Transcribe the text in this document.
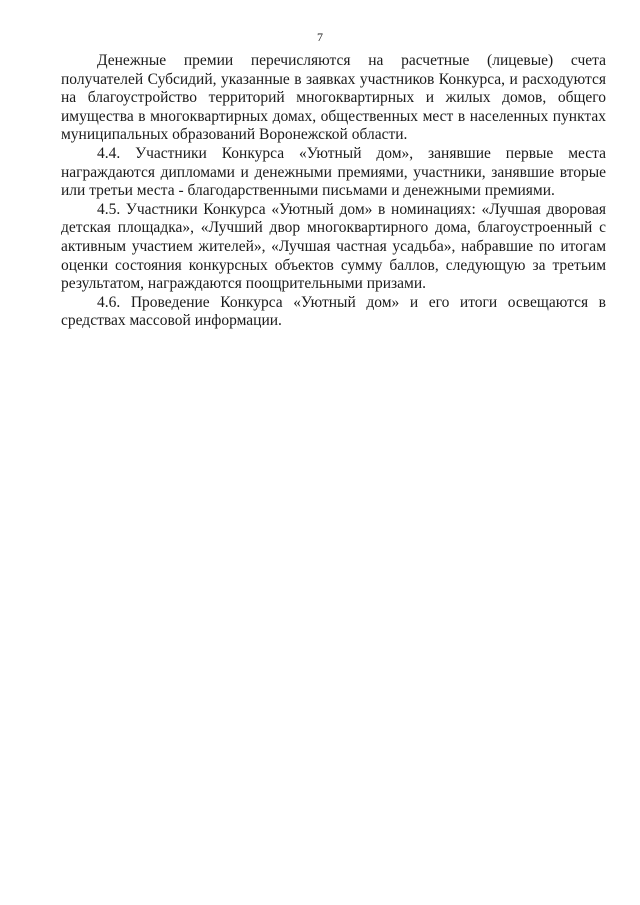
7

Денежные премии перечисляются на расчетные (лицевые) счета получателей Субсидий, указанные в заявках участников Конкурса, и расходуются на благоустройство территорий многоквартирных и жилых домов, общего имущества в многоквартирных домах, общественных мест в населенных пунктах муниципальных образований Воронежской области.

4.4. Участники Конкурса «Уютный дом», занявшие первые места награждаются дипломами и денежными премиями, участники, занявшие вторые или третьи места - благодарственными письмами и денежными премиями.

4.5. Участники Конкурса «Уютный дом» в номинациях: «Лучшая дворовая детская площадка», «Лучший двор многоквартирного дома, благоустроенный с активным участием жителей», «Лучшая частная усадьба», набравшие по итогам оценки состояния конкурсных объектов сумму баллов, следующую за третьим результатом, награждаются поощрительными призами.

4.6. Проведение Конкурса «Уютный дом» и его итоги освещаются в средствах массовой информации.
